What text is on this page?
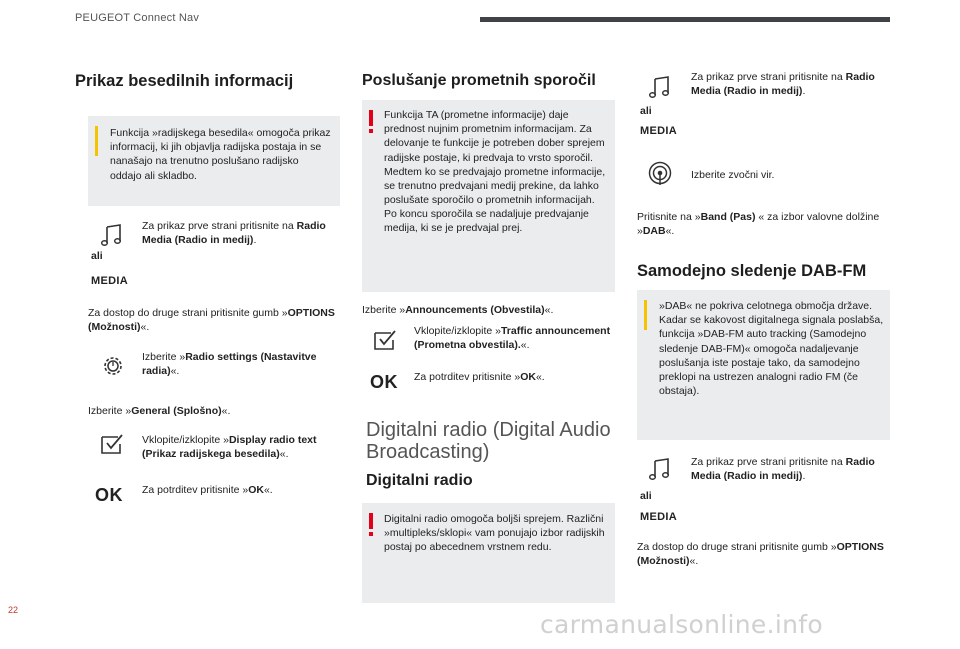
PEUGEOT Connect Nav
Prikaz besedilnih informacij
Funkcija »radijskega besedila« omogoča prikaz informacij, ki jih objavlja radijska postaja in se nanašajo na trenutno poslušano radijsko oddajo ali skladbo.
Za prikaz prve strani pritisnite na Radio Media (Radio in medij).
ali
MEDIA
Za dostop do druge strani pritisnite gumb »OPTIONS (Možnosti)«.
Izberite »Radio settings (Nastavitve radia)«.
Izberite »General (Splošno)«.
Vklopite/izklopite »Display radio text (Prikaz radijskega besedila)«.
OK Za potrditev pritisnite »OK«.
Poslušanje prometnih sporočil
Funkcija TA (prometne informacije) daje prednost nujnim prometnim informacijam. Za delovanje te funkcije je potreben dober sprejem radijske postaje, ki predvaja to vrsto sporočil. Medtem ko se predvajajo prometne informacije, se trenutno predvajani medij prekine, da lahko poslušate sporočilo o prometnih informacijah. Po koncu sporočila se nadaljuje predvajanje medija, ki se je predvajal prej.
Izberite »Announcements (Obvestila)«.
Vklopite/izklopite »Traffic announcement (Prometna obvestila).«.
OK Za potrditev pritisnite »OK«.
Digitalni radio (Digital Audio Broadcasting)
Digitalni radio
Digitalni radio omogoča boljši sprejem. Različni »multipleks/sklopi« vam ponujajo izbor radijskih postaj po abecednem vrstnem redu.
Za prikaz prve strani pritisnite na Radio Media (Radio in medij).
ali
MEDIA
Izberite zvočni vir.
Pritisnite na »Band (Pas) « za izbor valovne dolžine »DAB«.
Samodejno sledenje DAB-FM
»DAB« ne pokriva celotnega območja države.
Kadar se kakovost digitalnega signala poslabša, funkcija »DAB-FM auto tracking (Samodejno sledenje DAB-FM)« omogoča nadaljevanje poslušanja iste postaje tako, da samodejno preklopi na ustrezen analogni radio FM (če obstaja).
Za prikaz prve strani pritisnite na Radio Media (Radio in medij).
ali
MEDIA
Za dostop do druge strani pritisnite gumb »OPTIONS (Možnosti)«.
22	carmanualsonline.info
